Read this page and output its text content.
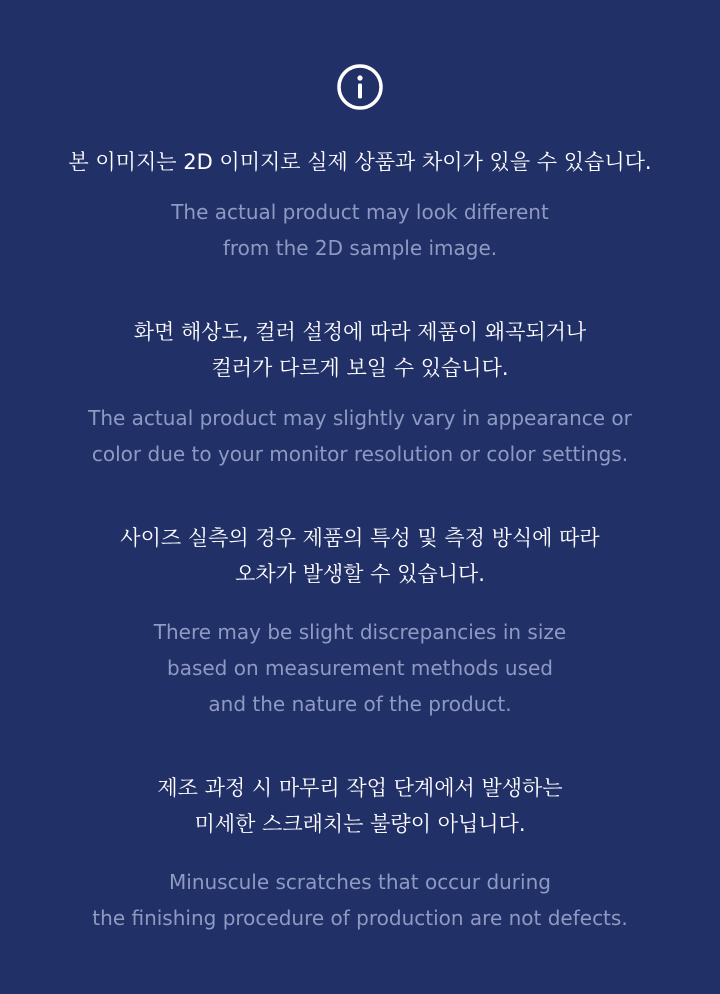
본 이미지는 2D 이미지로 실제 상품과 차이가 있을 수 있습니다.
The actual product may look different
from the 2D sample image.
화면 해상도, 컬러 설정에 따라 제품이 왜곡되거나
컬러가 다르게 보일 수 있습니다.
The actual product may slightly vary in appearance or
color due to your monitor resolution or color settings.
사이즈 실측의 경우 제품의 특성 및 측정 방식에 따라
오차가 발생할 수 있습니다.
There may be slight discrepancies in size
based on measurement methods used
and the nature of the product.
제조 과정 시 마무리 작업 단계에서 발생하는
미세한 스크래치는 불량이 아닙니다.
Minuscule scratches that occur during
the finishing procedure of production are not defects.
